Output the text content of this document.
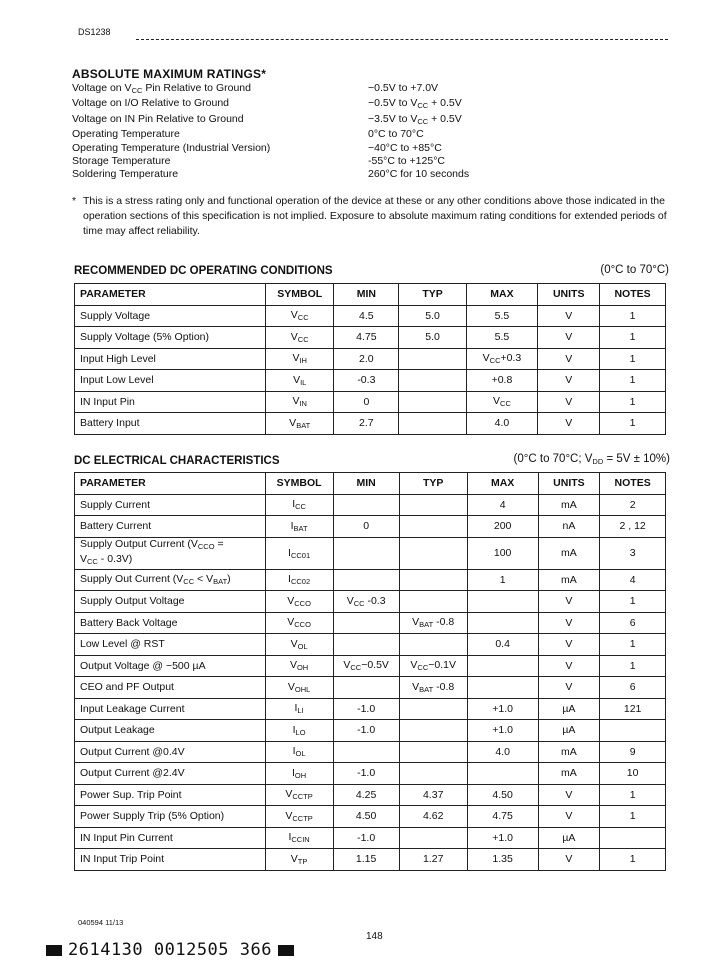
DS1238
ABSOLUTE MAXIMUM RATINGS*
Voltage on $V_{CC}$ Pin Relative to Ground	−0.5V to +7.0V
Voltage on I/O Relative to Ground	−0.5V to $V_{CC} + 0.5V$
Voltage on IN Pin Relative to Ground	−3.5V to $V_{CC} + 0.5V$
Operating Temperature	0°C to 70°C
Operating Temperature (Industrial Version)	−40°C to +85°C
Storage Temperature	-55°C to +125°C
Soldering Temperature	260°C for 10 seconds
* This is a stress rating only and functional operation of the device at these or any other conditions above those indicated in the operation sections of this specification is not implied. Exposure to absolute maximum rating conditions for extended periods of time may affect reliability.
RECOMMENDED DC OPERATING CONDITIONS	(0°C to 70°C)
PARAMETER	SYMBOL	MIN	TYP	MAX	UNITS	NOTES
Supply Voltage	$V_{CC}$	4.5	5.0	5.5	V	1
Supply Voltage (5% Option)	$V_{CC}$	4.75	5.0	5.5	V	1
Input High Level	$V_{IH}$	2.0		$V_{CC}+0.3$	V	1
Input Low Level	$V_{IL}$	-0.3		+0.8	V	1
IN Input Pin	$V_{IN}$	0		$V_{CC}$	V	1
Battery Input	$V_{BAT}$	2.7		4.0	V	1
DC ELECTRICAL CHARACTERISTICS	(0°C to 70°C; $V_{DD} = 5V \pm 10\%$)
PARAMETER	SYMBOL	MIN	TYP	MAX	UNITS	NOTES
Supply Current	$I_{CC}$			4	mA	2
Battery Current	$I_{BAT}$	0		200	nA	2 , 12
Supply Output Current ($V_{CCO}$ =
$V_{CC} - 0.3V$)	$I_{CC01}$			100	mA	3
Supply Out Current $(V_{CC} < V_{BAT})$	$I_{CC02}$			1	mA	4
Supply Output Voltage	$V_{CCO}$	$V_{CC}$ -0.3			V	1
Battery Back Voltage	$V_{CCO}$		$V_{BAT}$ -0.8		V	6
Low Level @ RST	$V_{OL}$			0.4	V	1
Output Voltage @ −500 µA	$V_{OH}$	$V_{CC}-0.5V$	$V_{CC}-0.1V$		V	1
CEO and PF Output	$V_{OHL}$		$V_{BAT}$ -0.8		V	6
Input Leakage Current	$I_{LI}$	-1.0		+1.0	µA	121
Output Leakage	$I_{LO}$	-1.0		+1.0	µA	
Output Current @0.4V	$I_{OL}$			4.0	mA	9
Output Current @2.4V	$I_{OH}$	-1.0			mA	10
Power Sup. Trip Point	$V_{CCTP}$	4.25	4.37	4.50	V	1
Power Supply Trip (5% Option)	$V_{CCTP}$	4.50	4.62	4.75	V	1
IN Input Pin Current	$I_{CCIN}$	-1.0		+1.0	µA	
IN Input Trip Point	$V_{TP}$	1.15	1.27	1.35	V	1
040594 11/13
148
2614130 0012505 366
